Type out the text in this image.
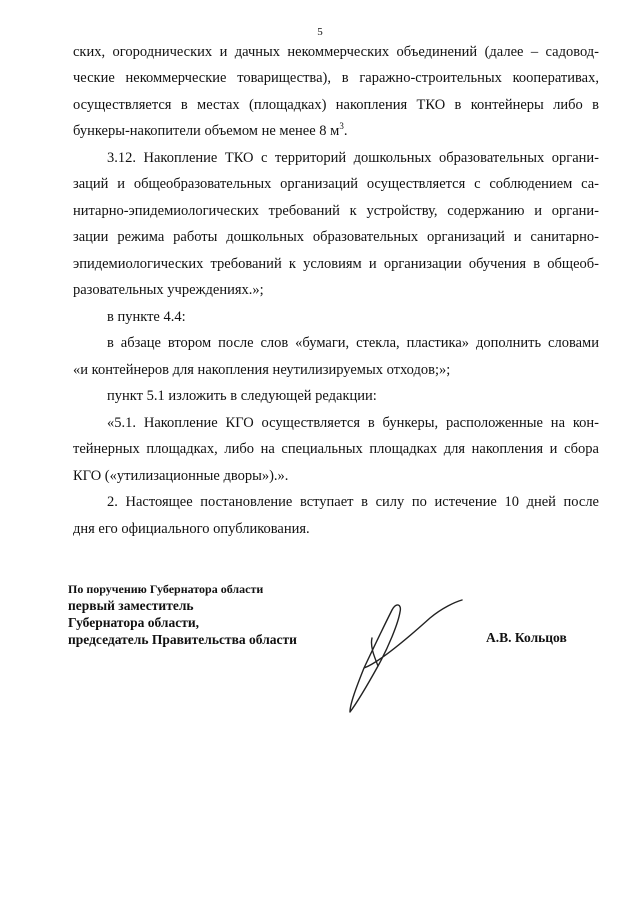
5
ских, огороднических и дачных некоммерческих объединений (далее – садовод-
ческие некоммерческие товарищества), в гаражно-строительных кооперативах,
осуществляется в местах (площадках) накопления ТКО в контейнеры либо в
бункеры-накопители объемом не менее 8 $м^3$.
3.12. Накопление ТКО с территорий дошкольных образовательных органи-
заций и общеобразовательных организаций осуществляется с соблюдением са-
нитарно-эпидемиологических требований к устройству, содержанию и органи-
зации режима работы дошкольных образовательных организаций и санитарно-
эпидемиологических требований к условиям и организации обучения в общеоб-
разовательных учреждениях.»;
в пункте 4.4:
в абзаце втором после слов «бумаги, стекла, пластика» дополнить словами
«и контейнеров для накопления неутилизируемых отходов;»;
пункт 5.1 изложить в следующей редакции:
«5.1. Накопление КГО осуществляется в бункеры, расположенные на кон-
тейнерных площадках, либо на специальных площадках для накопления и сбора
КГО («утилизационные дворы»).».
2. Настоящее постановление вступает в силу по истечение 10 дней после
дня его официального опубликования.
По поручению Губернатора области
первый заместитель
Губернатора области,
председатель Правительства области	А.В. Кольцов
